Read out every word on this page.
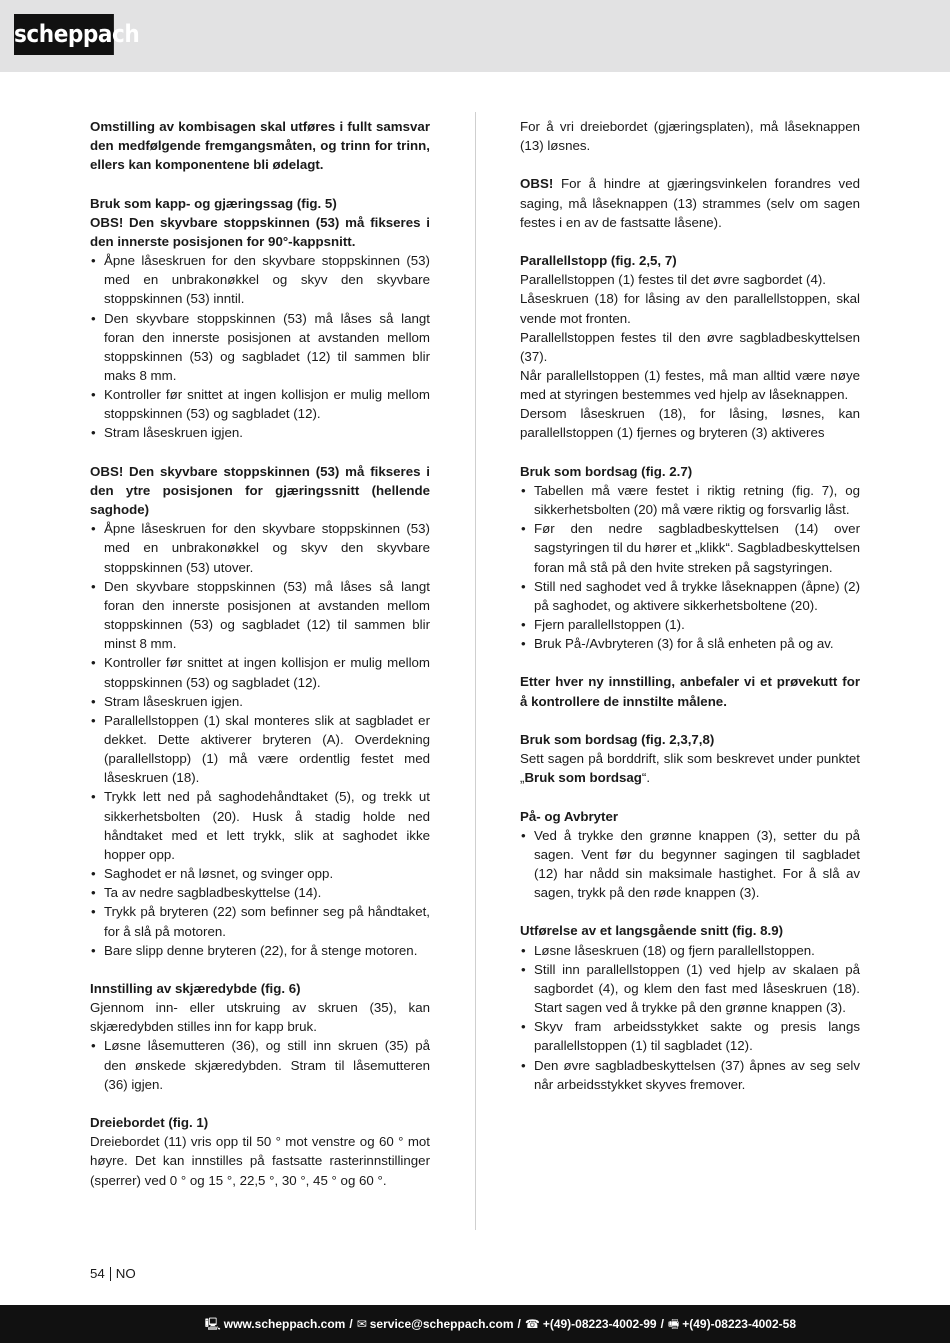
scheppach

Omstilling av kombisagen skal utføres i fullt samsvar den medfølgende fremgangsmåten, og trinn for trinn, ellers kan komponentene bli ødelagt.

Bruk som kapp- og gjæringssag (fig. 5)

OBS! Den skyvbare stoppskinnen (53) må fikseres i den innerste posisjonen for 90°-kappsnitt.

• Åpne låseskruen for den skyvbare stoppskinnen (53) med en unbrakonøkkel og skyv den skyvbare stoppskinnen (53) inntil.
• Den skyvbare stoppskinnen (53) må låses så langt foran den innerste posisjonen at avstanden mellom stoppskinnen (53) og sagbladet (12) til sammen blir maks 8 mm.
• Kontroller før snittet at ingen kollisjon er mulig mellom stoppskinnen (53) og sagbladet (12).
• Stram låseskruen igjen.

OBS! Den skyvbare stoppskinnen (53) må fikseres i den ytre posisjonen for gjæringssnitt (hellende saghode)

• Åpne låseskruen for den skyvbare stoppskinnen (53) med en unbrakonøkkel og skyv den skyvbare stoppskinnen (53) utover.
• Den skyvbare stoppskinnen (53) må låses så langt foran den innerste posisjonen at avstanden mellom stoppskinnen (53) og sagbladet (12) til sammen blir minst 8 mm.
• Kontroller før snittet at ingen kollisjon er mulig mellom stoppskinnen (53) og sagbladet (12).
• Stram låseskruen igjen.
• Parallellstoppen (1) skal monteres slik at sagbladet er dekket. Dette aktiverer bryteren (A). Overdekning (parallellstopp) (1) må være ordentlig festet med låseskruen (18).
• Trykk lett ned på saghodehåndtaket (5), og trekk ut sikkerhetsbolten (20). Husk å stadig holde ned håndtaket med et lett trykk, slik at saghodet ikke hopper opp.
• Saghodet er nå løsnet, og svinger opp.
• Ta av nedre sagbladbeskyttelse (14).
• Trykk på bryteren (22) som befinner seg på håndtaket, for å slå på motoren.
• Bare slipp denne bryteren (22), for å stenge motoren.

Innstilling av skjæredybde (fig. 6)

Gjennom inn- eller utskruing av skruen (35), kan skjæredybden stilles inn for kapp bruk.

• Løsne låsemutteren (36), og still inn skruen (35) på den ønskede skjæredybden. Stram til låsemutteren (36) igjen.

Dreiebordet (fig. 1)

Dreiebordet (11) vris opp til 50 ° mot venstre og 60 ° mot høyre. Det kan innstilles på fastsatte rasterinnstillinger (sperrer) ved 0 ° og 15 °, 22,5 °, 30 °, 45 ° og 60 °.

For å vri dreiebordet (gjæringsplaten), må låseknappen (13) løsnes.

OBS! For å hindre at gjæringsvinkelen forandres ved saging, må låseknappen (13) strammes (selv om sagen festes i en av de fastsatte låsene).

Parallellstopp (fig. 2,5, 7)

Parallellstoppen (1) festes til det øvre sagbordet (4).

Låseskruen (18) for låsing av den parallellstoppen, skal vende mot fronten.

Parallellstoppen festes til den øvre sagbladbeskyttelsen (37).

Når parallellstoppen (1) festes, må man alltid være nøye med at styringen bestemmes ved hjelp av låseknappen.

Dersom låseskruen (18), for låsing, løsnes, kan parallellstoppen (1) fjernes og bryteren (3) aktiveres

Bruk som bordsag (fig. 2.7)

• Tabellen må være festet i riktig retning (fig. 7), og sikkerhetsbolten (20) må være riktig og forsvarlig låst.
• Før den nedre sagbladbeskyttelsen (14) over sagstyringen til du hører et „klikk“. Sagbladbeskyttelsen foran må stå på den hvite streken på sagstyringen.
• Still ned saghodet ved å trykke låseknappen (åpne) (2) på saghodet, og aktivere sikkerhetsboltene (20).
• Fjern parallellstoppen (1).
• Bruk På-/Avbryteren (3) for å slå enheten på og av.

Etter hver ny innstilling, anbefaler vi et prøvekutt for å kontrollere de innstilte målene.

Bruk som bordsag (fig. 2,3,7,8)

Sett sagen på borddrift, slik som beskrevet under punktet „Bruk som bordsag“.

På- og Avbryter

• Ved å trykke den grønne knappen (3), setter du på sagen. Vent før du begynner sagingen til sagbladet (12) har nådd sin maksimale hastighet. For å slå av sagen, trykk på den røde knappen (3).

Utførelse av et langsgående snitt (fig. 8.9)

• Løsne låseskruen (18) og fjern parallellstoppen.
• Still inn parallellstoppen (1) ved hjelp av skalaen på sagbordet (4), og klem den fast med låseskruen (18). Start sagen ved å trykke på den grønne knappen (3).
• Skyv fram arbeidsstykket sakte og presis langs parallellstoppen (1) til sagbladet (12).
• Den øvre sagbladbeskyttelsen (37) åpnes av seg selv når arbeidsstykket skyves fremover.
54 NO
🖳 www.scheppach.com / ✉ service@scheppach.com / ☎ +(49)-08223-4002-99 / 🖷 +(49)-08223-4002-58
